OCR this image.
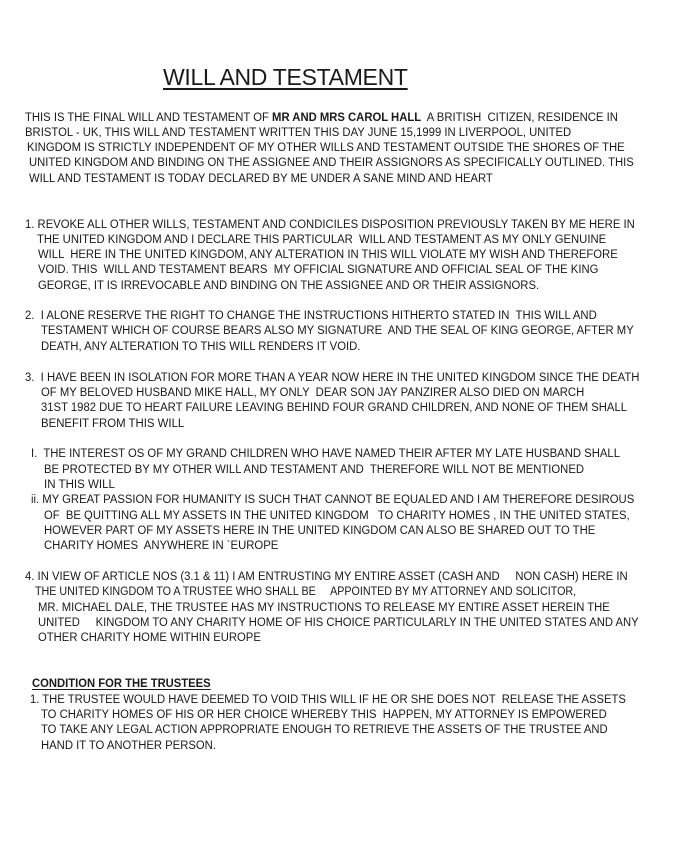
WILL AND TESTAMENT
THIS IS THE FINAL WILL AND TESTAMENT OF MR AND MRS CAROL HALL  A BRITISH  CITIZEN, RESIDENCE IN
BRISTOL - UK, THIS WILL AND TESTAMENT WRITTEN THIS DAY JUNE 15,1999 IN LIVERPOOL, UNITED
KINGDOM IS STRICTLY INDEPENDENT OF MY OTHER WILLS AND TESTAMENT OUTSIDE THE SHORES OF THE
UNITED KINGDOM AND BINDING ON THE ASSIGNEE AND THEIR ASSIGNORS AS SPECIFICALLY OUTLINED. THIS
WILL AND TESTAMENT IS TODAY DECLARED BY ME UNDER A SANE MIND AND HEART
1. REVOKE ALL OTHER WILLS, TESTAMENT AND CONDICILES DISPOSITION PREVIOUSLY TAKEN BY ME HERE IN
THE UNITED KINGDOM AND I DECLARE THIS PARTICULAR  WILL AND TESTAMENT AS MY ONLY GENUINE
WILL  HERE IN THE UNITED KINGDOM, ANY ALTERATION IN THIS WILL VIOLATE MY WISH AND THEREFORE
VOID. THIS  WILL AND TESTAMENT BEARS  MY OFFICIAL SIGNATURE AND OFFICIAL SEAL OF THE KING
GEORGE, IT IS IRREVOCABLE AND BINDING ON THE ASSIGNEE AND OR THEIR ASSIGNORS.
2.  I ALONE RESERVE THE RIGHT TO CHANGE THE INSTRUCTIONS HITHERTO STATED IN  THIS WILL AND
TESTAMENT WHICH OF COURSE BEARS ALSO MY SIGNATURE  AND THE SEAL OF KING GEORGE, AFTER MY
DEATH, ANY ALTERATION TO THIS WILL RENDERS IT VOID.
3.  I HAVE BEEN IN ISOLATION FOR MORE THAN A YEAR NOW HERE IN THE UNITED KINGDOM SINCE THE DEATH
OF MY BELOVED HUSBAND MIKE HALL, MY ONLY  DEAR SON JAY PANZIRER ALSO DIED ON MARCH
31ST 1982 DUE TO HEART FAILURE LEAVING BEHIND FOUR GRAND CHILDREN, AND NONE OF THEM SHALL
BENEFIT FROM THIS WILL
I.  THE INTEREST OS OF MY GRAND CHILDREN WHO HAVE NAMED THEIR AFTER MY LATE HUSBAND SHALL
BE PROTECTED BY MY OTHER WILL AND TESTAMENT AND  THEREFORE WILL NOT BE MENTIONED
IN THIS WILL
ii. MY GREAT PASSION FOR HUMANITY IS SUCH THAT CANNOT BE EQUALED AND I AM THEREFORE DESIROUS
OF  BE QUITTING ALL MY ASSETS IN THE UNITED KINGDOM   TO CHARITY HOMES , IN THE UNITED STATES,
HOWEVER PART OF MY ASSETS HERE IN THE UNITED KINGDOM CAN ALSO BE SHARED OUT TO THE
CHARITY HOMES  ANYWHERE IN `EUROPE
4. IN VIEW OF ARTICLE NOS (3.1 & 11) I AM ENTRUSTING MY ENTIRE ASSET (CASH AND     NON CASH) HERE IN
THE UNITED KINGDOM TO A TRUSTEE WHO SHALL BE     APPOINTED BY MY ATTORNEY AND SOLICITOR,
MR. MICHAEL DALE, THE TRUSTEE HAS MY INSTRUCTIONS TO RELEASE MY ENTIRE ASSET HEREIN THE
UNITED     KINGDOM TO ANY CHARITY HOME OF HIS CHOICE PARTICULARLY IN THE UNITED STATES AND ANY
OTHER CHARITY HOME WITHIN EUROPE
CONDITION FOR THE TRUSTEES
1. THE TRUSTEE WOULD HAVE DEEMED TO VOID THIS WILL IF HE OR SHE DOES NOT  RELEASE THE ASSETS
TO CHARITY HOMES OF HIS OR HER CHOICE WHEREBY THIS  HAPPEN, MY ATTORNEY IS EMPOWERED
TO TAKE ANY LEGAL ACTION APPROPRIATE ENOUGH TO RETRIEVE THE ASSETS OF THE TRUSTEE AND
HAND IT TO ANOTHER PERSON.
